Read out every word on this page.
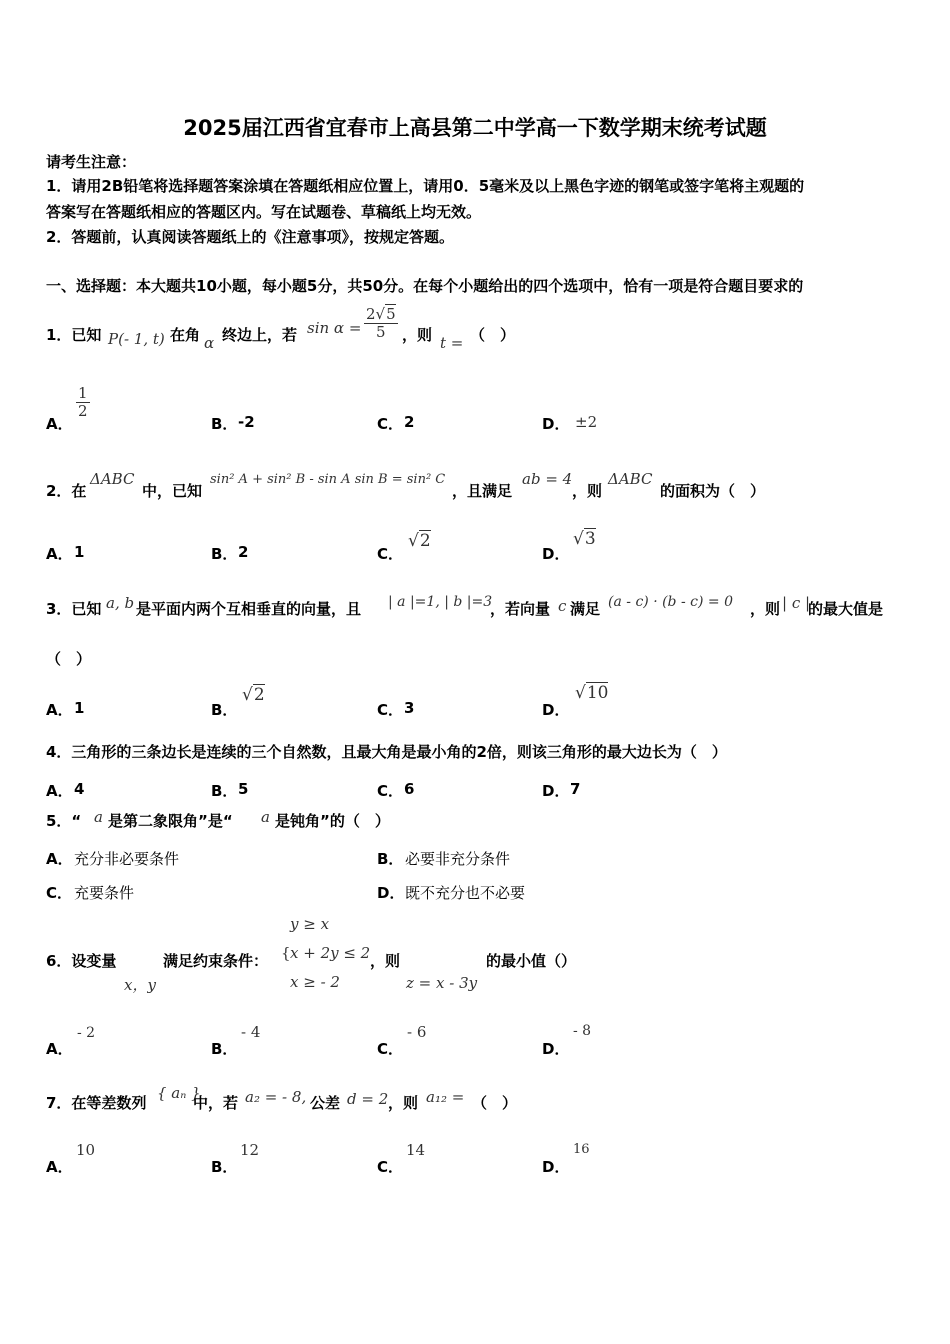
2025届江西省宜春市上高县第二中学高一下数学期末统考试题
请考生注意：
1．请用2B铅笔将选择题答案涂填在答题纸相应位置上，请用0．5毫米及以上黑色字迹的钢笔或签字笔将主观题的
答案写在答题纸相应的答题区内。写在试题卷、草稿纸上均无效。
2．答题前，认真阅读答题纸上的《注意事项》，按规定答题。
一、选择题：本大题共10小题，每小题5分，共50分。在每个小题给出的四个选项中，恰有一项是符合题目要求的
1．已知 P(- 1, t) 在角 α 终边上，若 $\sin \alpha = \frac{2√5}{5}$ ，则 t = （　）
A．
$\frac{1}{2}$
B． -2	C． 2	D． ±2
2．在
ΔABC
中，已知
sin² A + sin² B - sin A sin B = sin² C
，且满足
ab = 4
，则
ΔABC
的面积为（　）
A． 1	B． 2	C．
√2
D．
√3
3．已知 a, b 是平面内两个互相垂直的向量，且 | a |=1, | b |=3
，若向量 c 满足 (a - c) · (b - c) = 0 ，则 | c |
的最大值是
（　）
A． 1	B．
√2
C． 3	D．
√10
4．三角形的三条边长是连续的三个自然数，且最大角是最小角的2倍，则该三角形的最大边长为（　）
A． 4	B． 5	C． 6	D． 7
5．“ a 是第二象限角”是“ a 是钝角”的（　）
A． 充分非必要条件	B． 必要非充分条件
C． 充要条件	D． 既不充分也不必要
6．设变量
x，y
满足约束条件：
y ≥ x
{ x + 2y ≤ 2
x ≥ - 2
，则
z = x - 3y
的最小值（）
A．
- 2
B．
- 4
C．
- 6
D．
- 8
7．在等差数列
{ aₙ }
中，若 a₂ = - 8, 公差 d = 2 ，则 a₁₂ = （　）
A．
10
B．
12
C．
14
D．
16
